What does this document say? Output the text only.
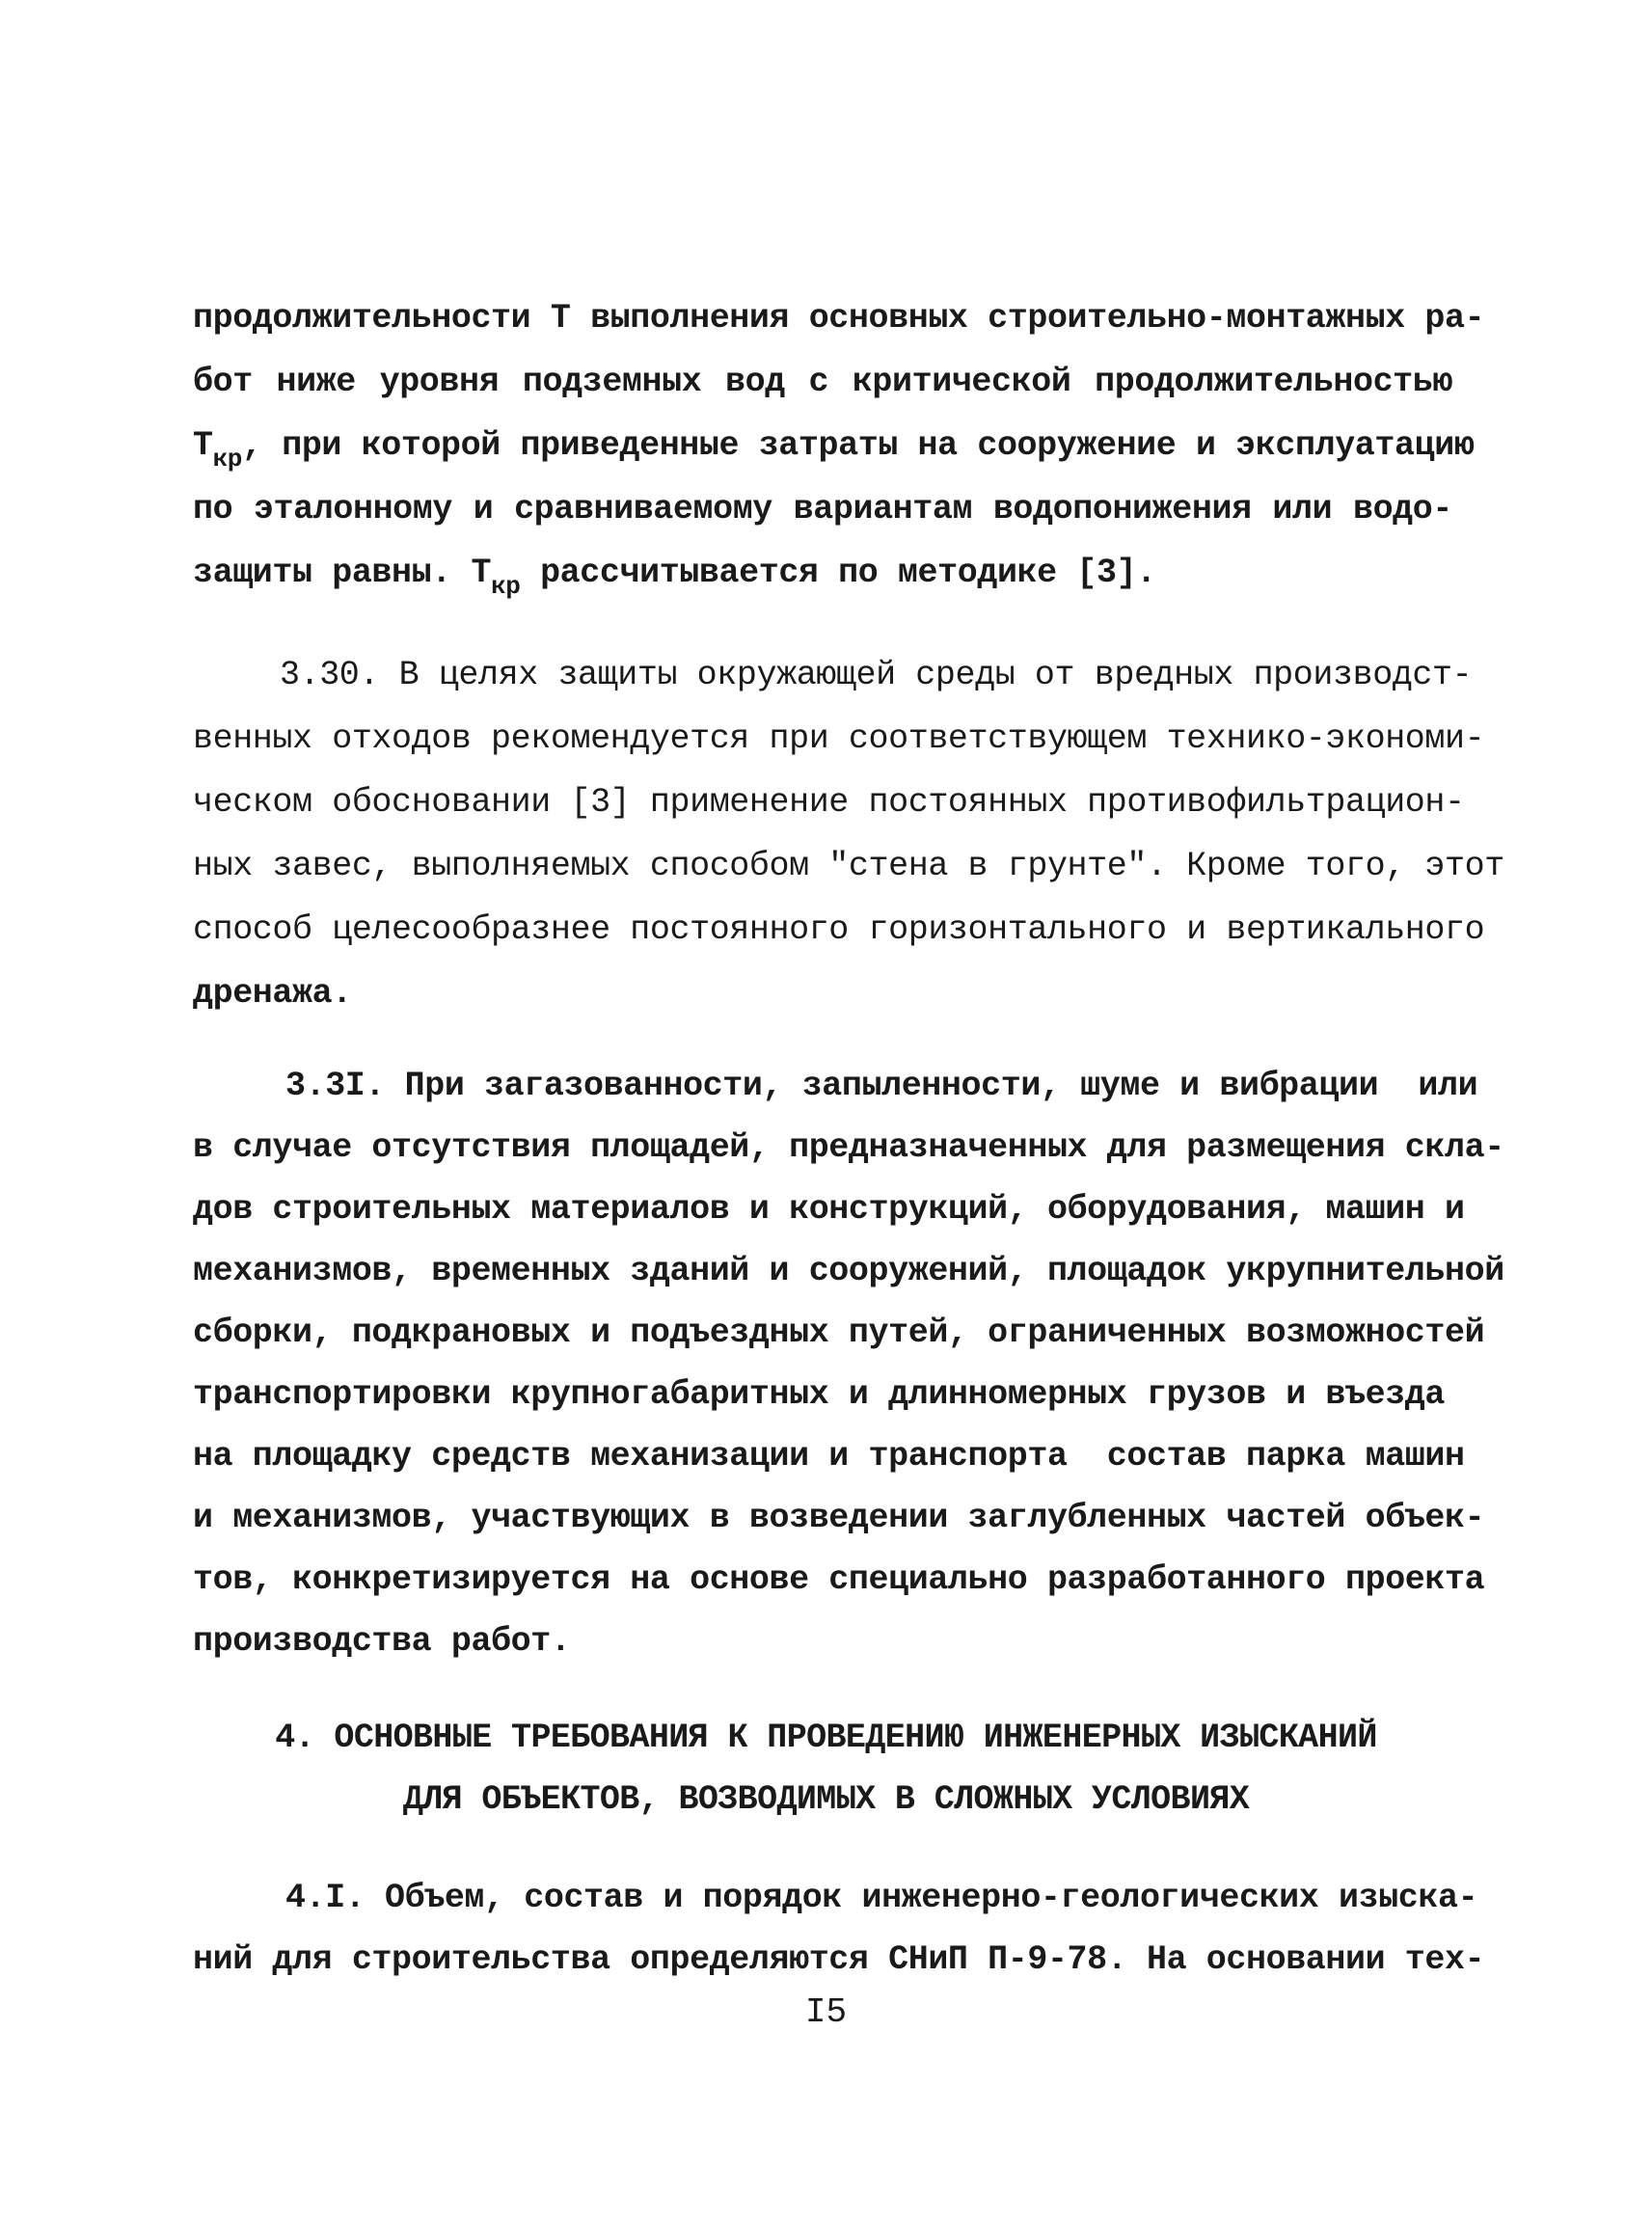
продолжительности Т выполнения основных строительно-монтажных ра-
бот ниже уровня подземных вод с критической продолжительностью
$Т_{кр}$, при которой приведенные затраты на сооружение и эксплуатацию
по эталонному и сравниваемому вариантам водопонижения или водо-
защиты равны. $Т_{кр}$ рассчитывается по методике [3].
3.30. В целях защиты окружающей среды от вредных производст-
венных отходов рекомендуется при соответствующем технико-экономи-
ческом обосновании [3] применение постоянных противофильтрацион-
ных завес, выполняемых способом "стена в грунте". Кроме того, этот
способ целесообразнее постоянного горизонтального и вертикального
дренажа.
3.3I. При загазованности, запыленности, шуме и вибрации  или
в случае отсутствия площадей, предназначенных для размещения скла-
дов строительных материалов и конструкций, оборудования, машин и
механизмов, временных зданий и сооружений, площадок укрупнительной
сборки, подкрановых и подъездных путей, ограниченных возможностей
транспортировки крупногабаритных и длинномерных грузов и въезда
на площадку средств механизации и транспорта  состав парка машин
и механизмов, участвующих в возведении заглубленных частей объек-
тов, конкретизируется на основе специально разработанного проекта
производства работ.
4. ОСНОВНЫЕ ТРЕБОВАНИЯ К ПРОВЕДЕНИЮ ИНЖЕНЕРНЫХ ИЗЫСКАНИЙ
ДЛЯ ОБЪЕКТОВ, ВОЗВОДИМЫХ В СЛОЖНЫХ УСЛОВИЯХ
4.I. Объем, состав и порядок инженерно-геологических изыска-
ний для строительства определяются СНиП П-9-78. На основании тех-
I5
